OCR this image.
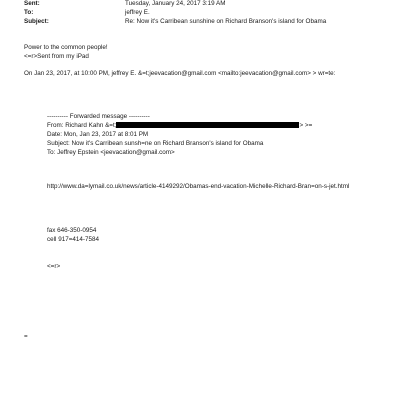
Sent:	Tuesday, January 24, 2017 3:19 AM
To:	jeffrey E.
Subject:	Re: Now it's Carribean sunshine on Richard Branson's island for Obama
Power to the common people!
<=r>Sent from my iPad
On Jan 23, 2017, at 10:00 PM, jeffrey E. &=t;jeevacation@gmail.com <mailto:jeevacation@gmail.com> > wr=te:
---------- Forwarded message ----------
From: Richard Kahn &=t;	> >=
Date: Mon, Jan 23, 2017 at 8:01 PM
Subject: Now it's Carribean sunsh=ne on Richard Branson's island for Obama
To: Jeffrey Epstein <jeevacation@gmail.com>
http://www.da=lymail.co.uk/news/article-4149292/Obamas-end-vacation-Michelle-Richard-Bran=on-s-jet.html
fax 646-350-0954
cell 917=414-7584
<=r>
=
